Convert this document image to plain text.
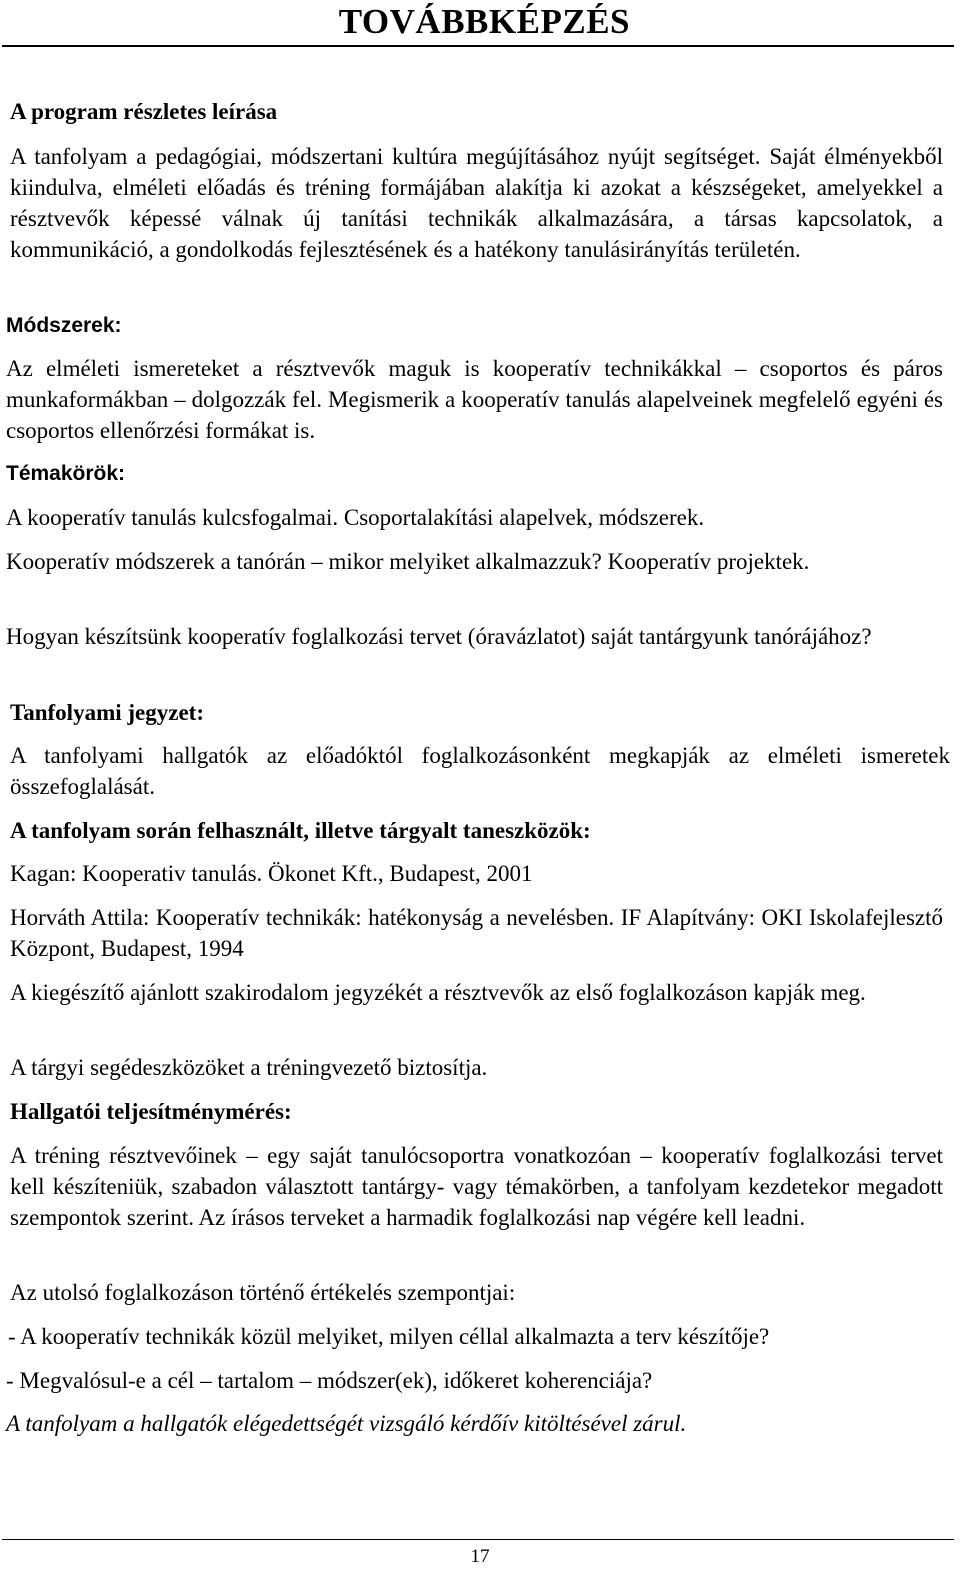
TOVÁBBKÉPZÉS
A program részletes leírása
A tanfolyam a pedagógiai, módszertani kultúra megújításához nyújt segítséget. Saját élményekből kiindulva, elméleti előadás és tréning formájában alakítja ki azokat a készségeket, amelyekkel a résztvevők képessé válnak új tanítási technikák alkalmazására, a társas kapcsolatok, a kommunikáció, a gondolkodás fejlesztésének és a hatékony tanulásirányítás területén.
Módszerek:
Az elméleti ismereteket a résztvevők maguk is kooperatív technikákkal – csoportos és páros munkaformákban – dolgozzák fel. Megismerik a kooperatív tanulás alapelveinek megfelelő egyéni és csoportos ellenőrzési formákat is.
Témakörök:
A kooperatív tanulás kulcsfogalmai. Csoportalakítási alapelvek, módszerek.
Kooperatív módszerek a tanórán – mikor melyiket alkalmazzuk? Kooperatív projektek.
Hogyan készítsünk kooperatív foglalkozási tervet (óravázlatot) saját tantárgyunk tanórájához?
Tanfolyami jegyzet:
A tanfolyami hallgatók az előadóktól foglalkozásonként megkapják az elméleti ismeretek összefoglalását.
A tanfolyam során felhasznált, illetve tárgyalt taneszközök:
Kagan: Kooperativ tanulás. Ökonet Kft., Budapest, 2001
Horváth Attila: Kooperatív technikák: hatékonyság a nevelésben. IF Alapítvány: OKI Iskolafejlesztő Központ, Budapest, 1994
A kiegészítő ajánlott szakirodalom jegyzékét a résztvevők az első foglalkozáson kapják meg.
A tárgyi segédeszközöket a tréningvezető biztosítja.
Hallgatói teljesítménymérés:
A tréning résztvevőinek – egy saját tanulócsoportra vonatkozóan – kooperatív foglalkozási tervet kell készíteniük, szabadon választott tantárgy- vagy témakörben, a tanfolyam kezdetekor megadott szempontok szerint. Az írásos terveket a harmadik foglalkozási nap végére kell leadni.
Az utolsó foglalkozáson történő értékelés szempontjai:
- A kooperatív technikák közül melyiket, milyen céllal alkalmazta a terv készítője?
- Megvalósul-e a cél – tartalom – módszer(ek), időkeret koherenciája?
A tanfolyam a hallgatók elégedettségét vizsgáló kérdőív kitöltésével zárul.
17
